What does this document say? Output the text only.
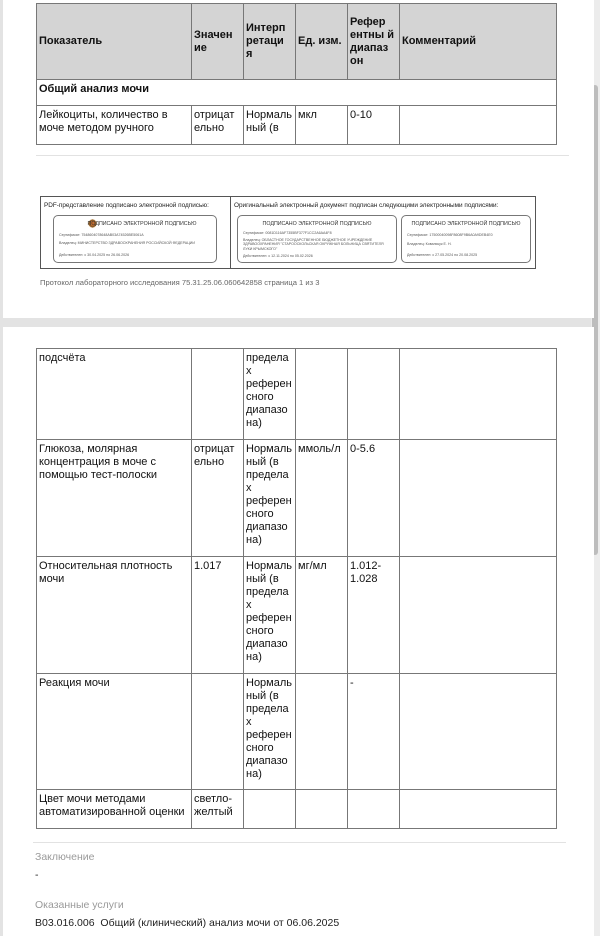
Показатель	Значен ие	Интерп ретаци я	Ед. изм.	Рефер ентны й диапаз он	Комментарий
Общий анализ мочи					
Лейкоциты, количество в моче методом ручного	отрицат ельно	Нормаль ный (в	мкл	0-10	
PDF-представление подписано электронной подписью:
ПОДПИСАНО ЭЛЕКТРОННОЙ ПОДПИСЬЮ
Сертификат: 7548604078648AB03A74526BE5061A
Владелец: МИНИСТЕРСТВО ЗДРАВООХРАНЕНИЯ РОССИЙСКОЙ ФЕДЕРАЦИИ
Действителен: с 30.04.2025 по 26.06.2026
Оригинальный электронный документ подписан следующими электронными подписями:
ПОДПИСАНО ЭЛЕКТРОННОЙ ПОДПИСЬЮ
Сертификат: 0081D116AF7355BF377F1CC2A6AA4F8
Владелец: ОБЛАСТНОЕ ГОСУДАРСТВЕННОЕ БЮДЖЕТНОЕ УЧРЕЖДЕНИЕ ЗДРАВООХРАНЕНИЯ "СТАРООСКОЛЬСКАЯ ОКРУЖНАЯ БОЛЬНИЦА СВЯТИТЕЛЯ ЛУКИ КРЫМСКОГО"
Действителен: с 12.11.2024 по 05.02.2026
ПОДПИСАНО ЭЛЕКТРОННОЙ ПОДПИСЬЮ
Сертификат: 17500040098F8608F9B6A0A9DEB4E0
Владелец: Ковальчук Е. Н.
Действителен: с 27.05.2024 по 20.08.2025
Протокол лабораторного исследования 75.31.25.06.060642858 страница 1 из 3
подсчёта		предела х референ сного диапазо на)			
Глюкоза, молярная концентрация в моче с помощью тест-полоски	отрицат ельно	Нормаль ный (в предела х референ сного диапазо на)	ммоль/л	0-5.6	
Относительная плотность мочи	1.017	Нормаль ный (в предела х референ сного диапазо на)	мг/мл	1.012- 1.028	
Реакция мочи		Нормаль ный (в предела х референ сного диапазо на)		-	
Цвет мочи методами автоматизированной оценки	светло- желтый				
Заключение
-
Оказанные услуги
B03.016.006 Общий (клинический) анализ мочи от 06.06.2025
